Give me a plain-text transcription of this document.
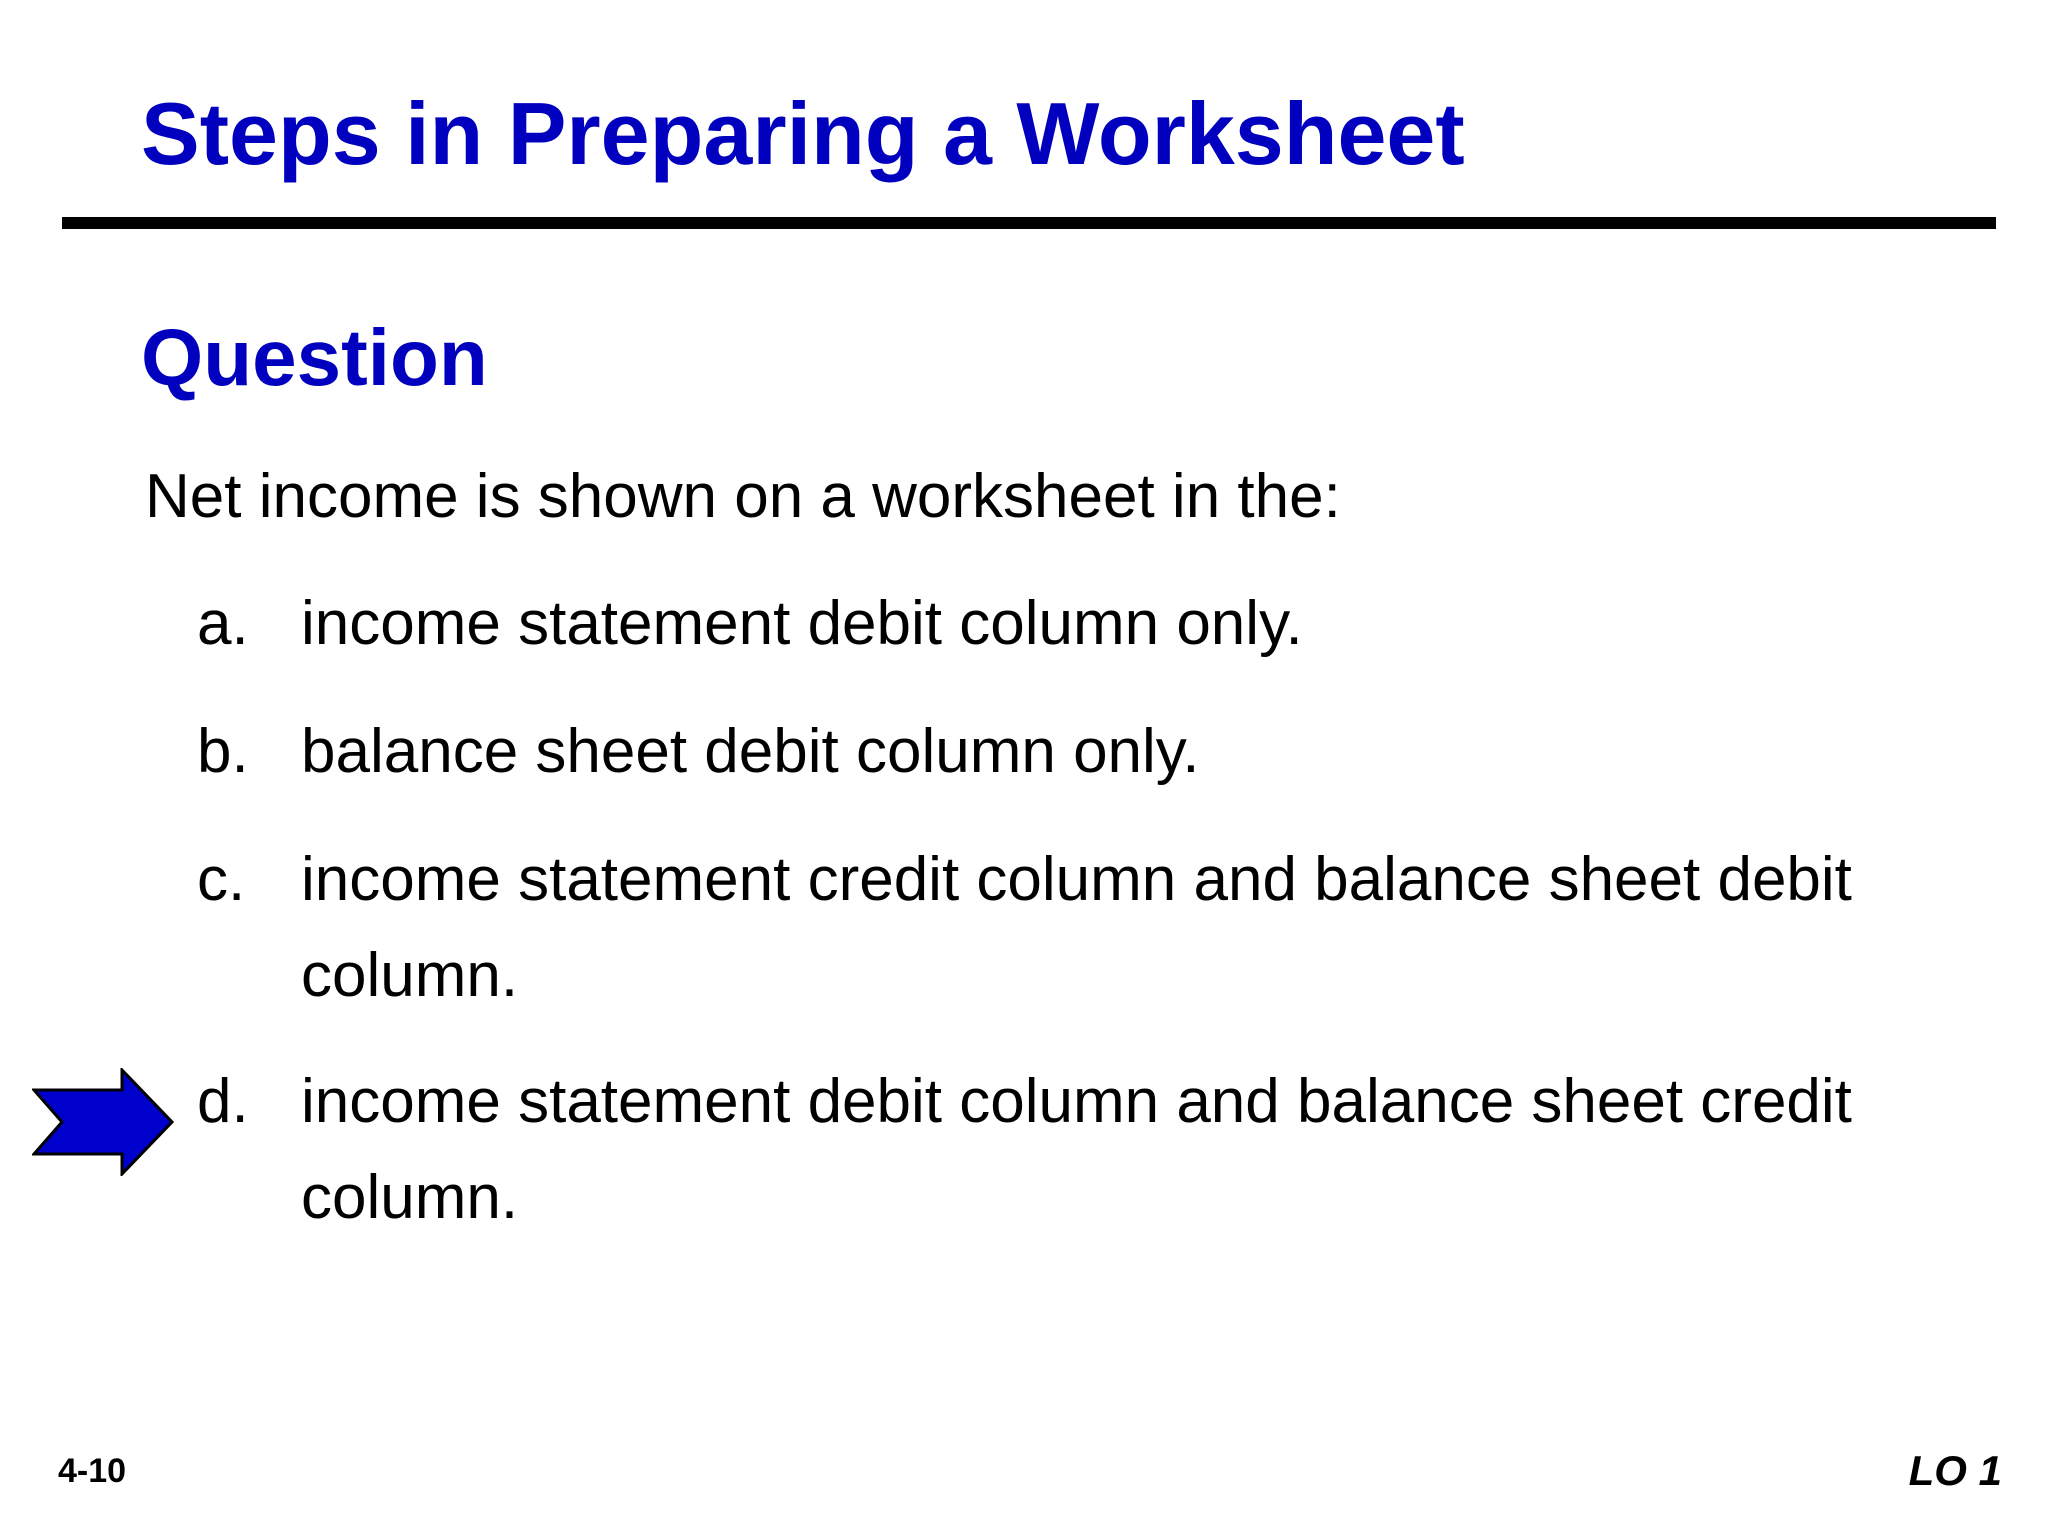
Steps in Preparing a Worksheet
Question
Net income is shown on a worksheet in the:
a. income statement debit column only.
b. balance sheet debit column only.
c. income statement credit column and balance sheet debit column.
d. income statement debit column and balance sheet credit column.
4-10	LO 1
